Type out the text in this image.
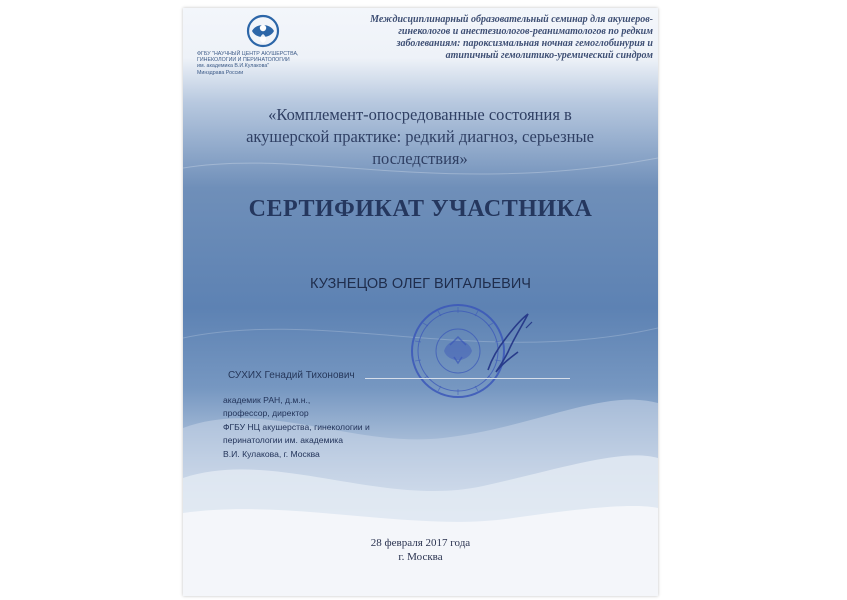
ФГБУ "НАУЧНЫЙ ЦЕНТР АКУШЕРСТВА,
ГИНЕКОЛОГИИ И ПЕРИНАТОЛОГИИ
им. академика В.И.Кулакова"
Минздрава России
Междисциплинарный образовательный семинар для акушеров-
гинекологов и анестезиологов-реаниматологов по редким
заболеваниям: пароксизмальная ночная гемоглобинурия и
атипичный гемолитико-уремический синдром
«Комплемент-опосредованные состояния в
акушерской практике: редкий диагноз, серьезные
последствия»
СЕРТИФИКАТ УЧАСТНИКА
КУЗНЕЦОВ ОЛЕГ ВИТАЛЬЕВИЧ
СУХИХ Генадий Тихонович
академик РАН, д.м.н.,
профессор, директор
ФГБУ НЦ акушерства, гинекологии и
перинатологии им. академика
В.И. Кулакова, г. Москва
28 февраля 2017 года
г. Москва
